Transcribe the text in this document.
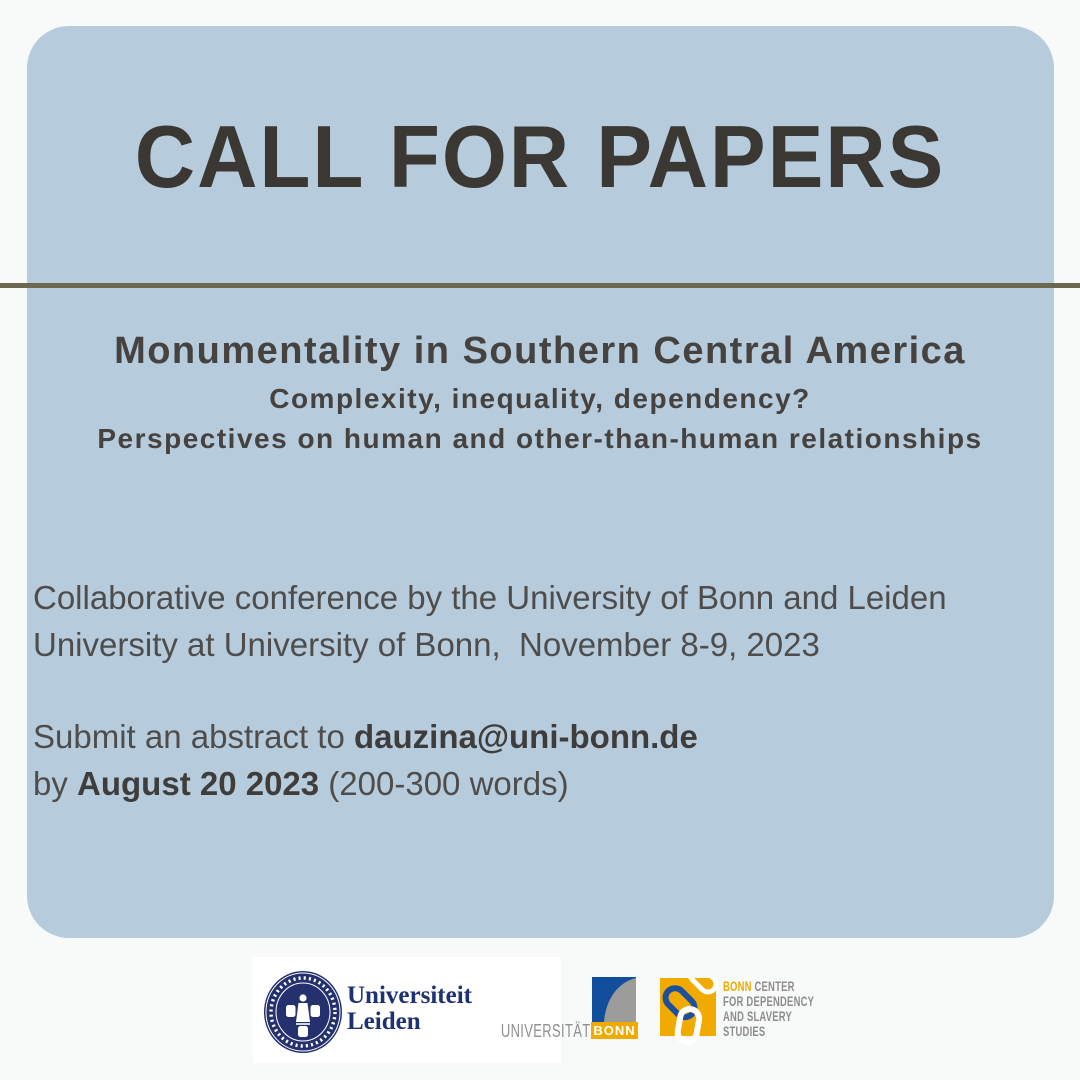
CALL FOR PAPERS
Monumentality in Southern Central America
Complexity, inequality, dependency?
Perspectives on human and other-than-human relationships
Collaborative conference by the University of Bonn and Leiden
University at University of Bonn,  November 8-9, 2023
Submit an abstract to dauzina@uni-bonn.de
by August 20 2023 (200-300 words)
Universiteit
Leiden	UNIVERSITÄT BONN
BONN CENTER
FOR DEPENDENCY
AND SLAVERY
STUDIES
